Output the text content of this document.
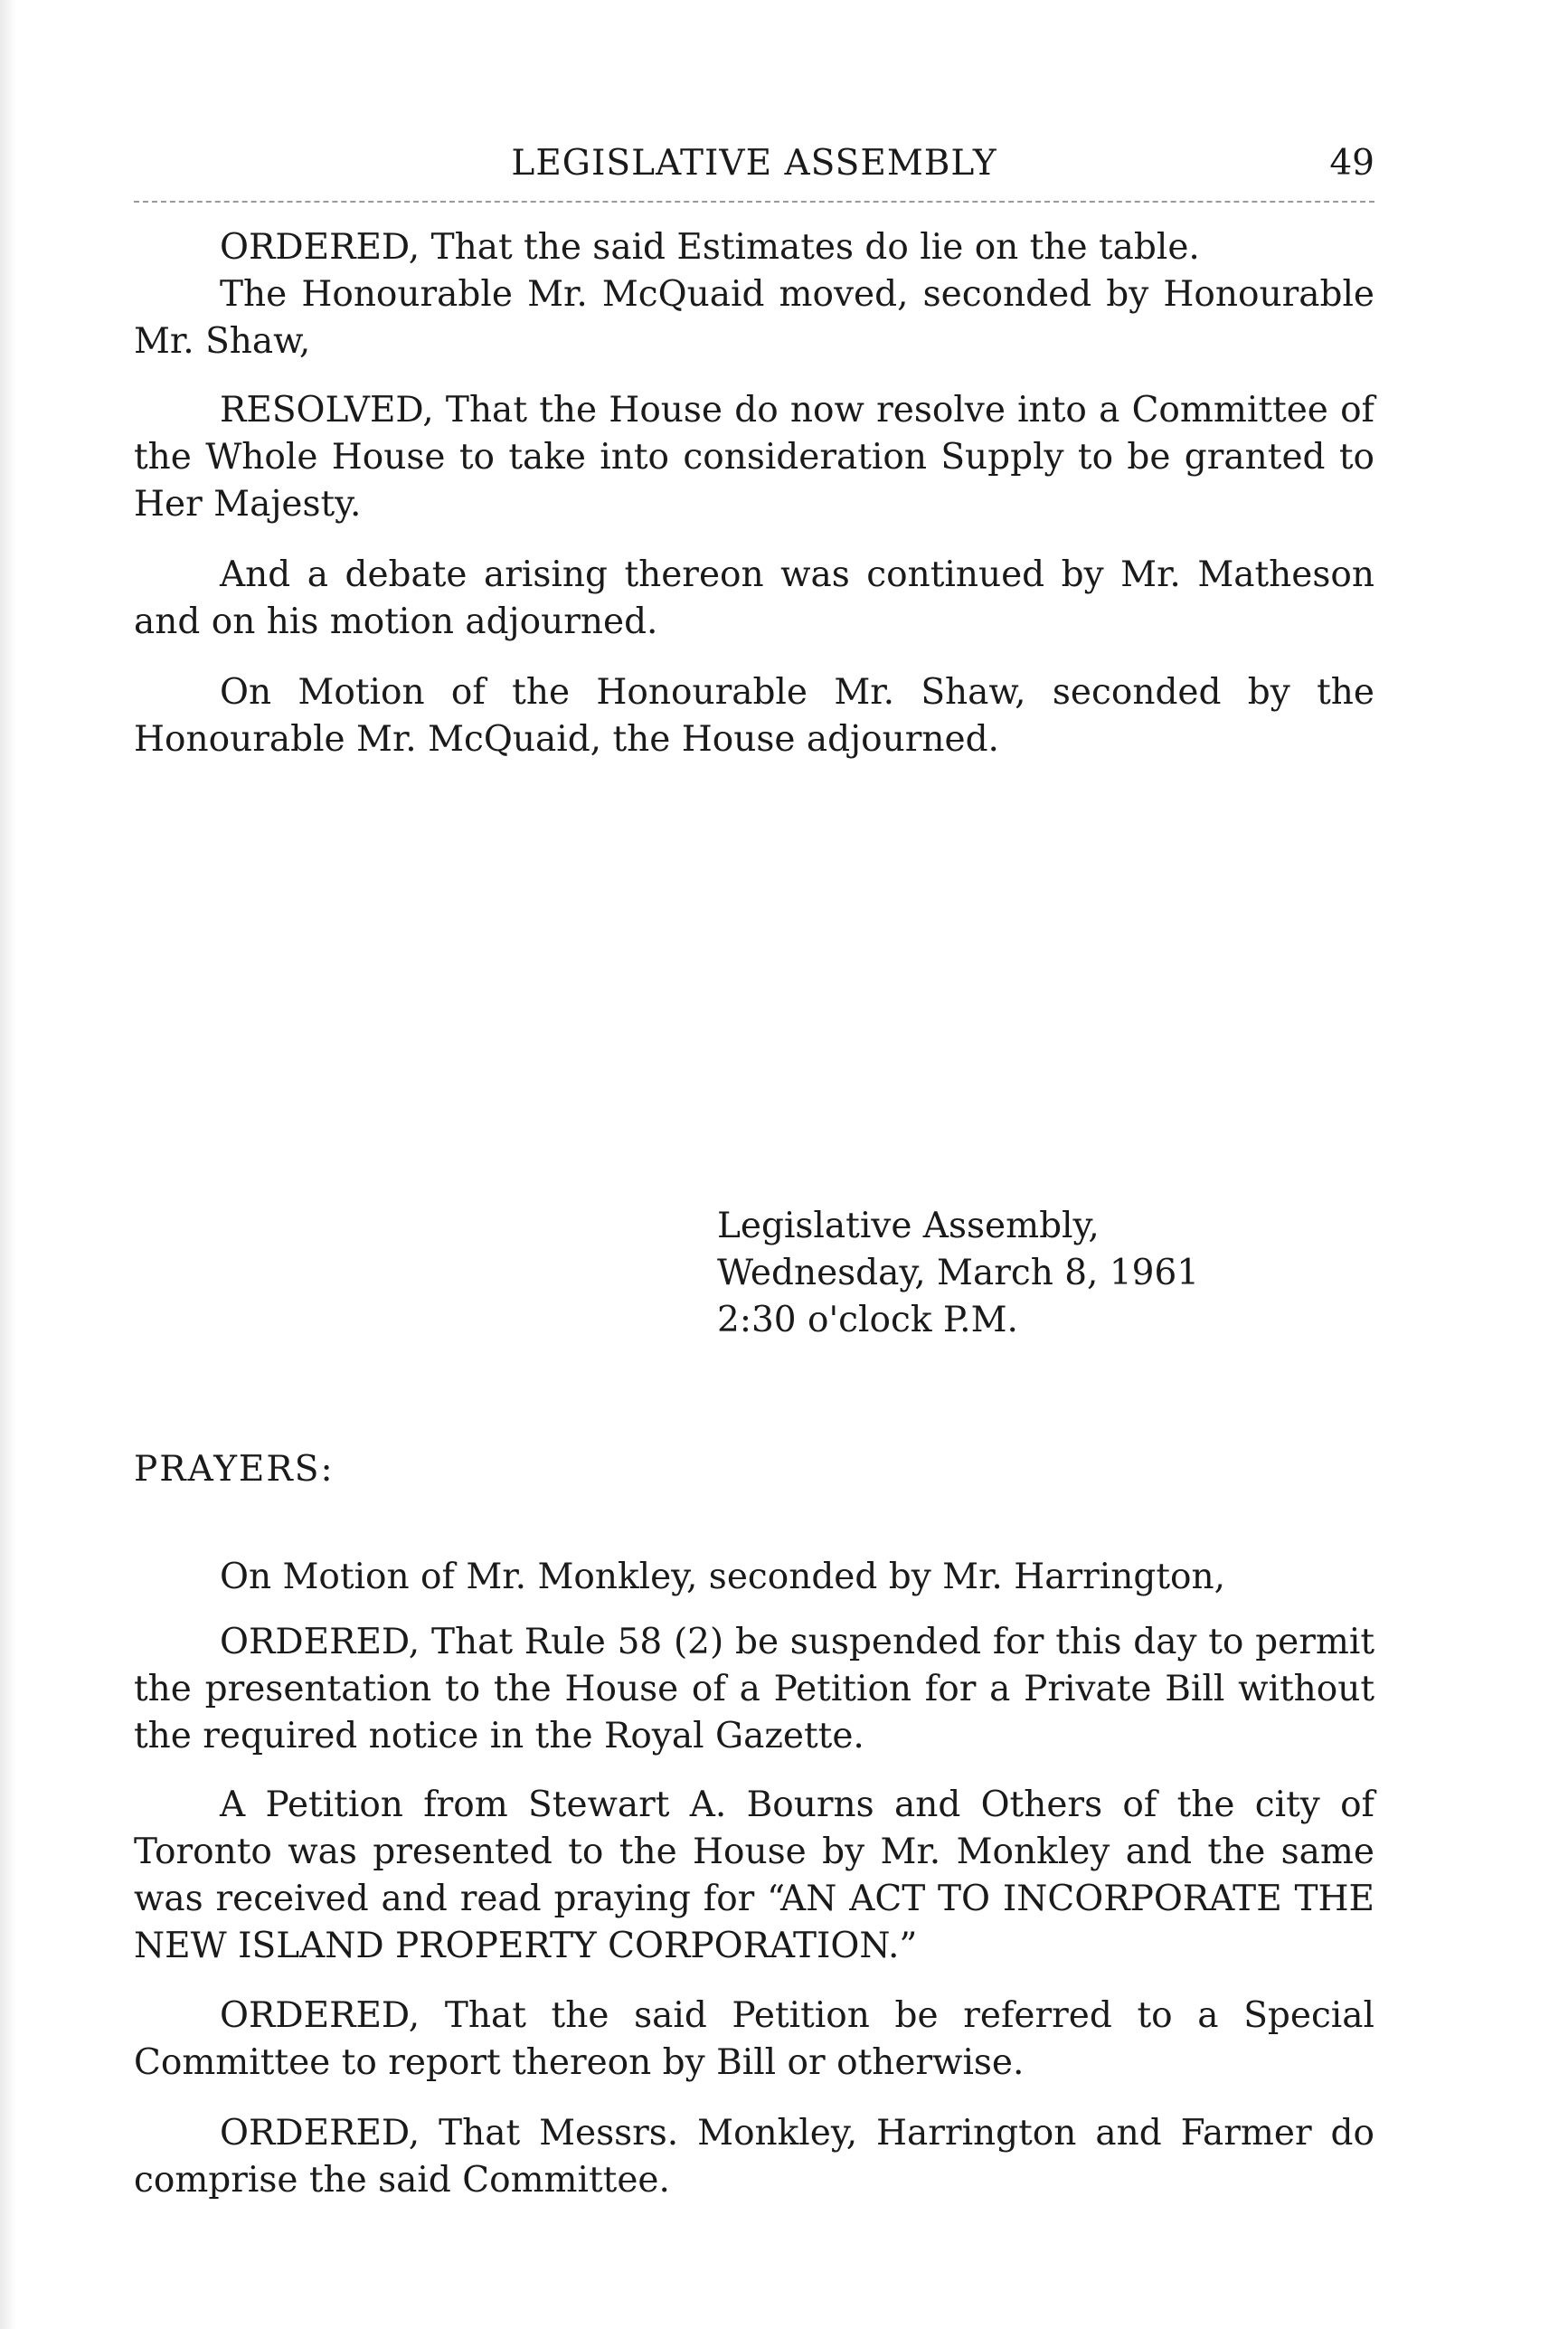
LEGISLATIVE ASSEMBLY	49

ORDERED, That the said Estimates do lie on the table.

The Honourable Mr. McQuaid moved, seconded by Honourable Mr. Shaw,

RESOLVED, That the House do now resolve into a Committee of the Whole House to take into consideration Supply to be granted to Her Majesty.

And a debate arising thereon was continued by Mr. Matheson and on his motion adjourned.

On Motion of the Honourable Mr. Shaw, seconded by the Honourable Mr. McQuaid, the House adjourned.

Legislative Assembly,
Wednesday, March 8, 1961
2:30 o'clock P.M.
PRAYERS:

On Motion of Mr. Monkley, seconded by Mr. Harrington,

ORDERED, That Rule 58 (2) be suspended for this day to permit the presentation to the House of a Petition for a Private Bill without the required notice in the Royal Gazette.

A Petition from Stewart A. Bourns and Others of the city of Toronto was presented to the House by Mr. Monkley and the same was received and read praying for “AN ACT TO INCORPORATE THE NEW ISLAND PROPERTY CORPORATION.”

ORDERED, That the said Petition be referred to a Special Committee to report thereon by Bill or otherwise.

ORDERED, That Messrs. Monkley, Harrington and Farmer do comprise the said Committee.
